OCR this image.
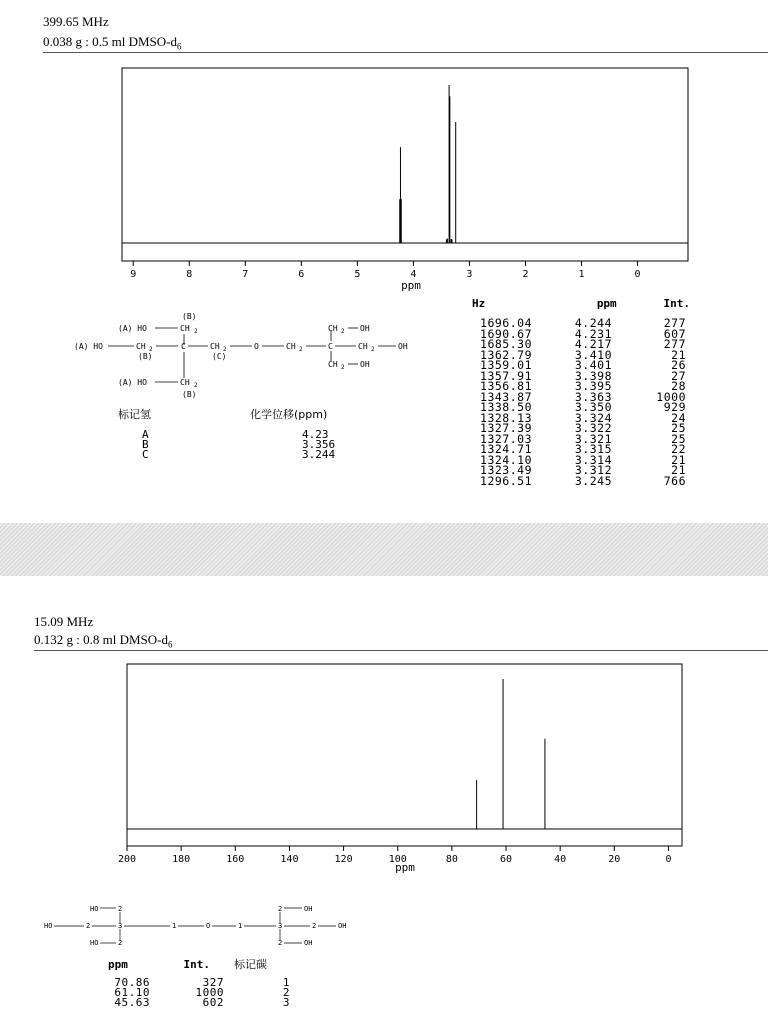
399.65 MHz
0.038 g : 0.5 ml DMSO-$d_6$
9	8	7	6	5	4	3	2	1	0
ppm
Hz	ppm	Int.
1696.04	4.244	277
1690.67	4.231	607
1685.30	4.217	277
1362.79	3.410	21
1359.01	3.401	26
1357.91	3.398	27
1356.81	3.395	28
1343.87	3.363	1000
1338.50	3.350	929
1328.13	3.324	24
1327.39	3.322	25
1327.03	3.321	25
1324.71	3.315	22
1324.10	3.314	21
1323.49	3.312	21
1296.51	3.245	766
(B)
(A) HO	CH 2
(A) HO	CH 2	C	CH 2	O	CH 2	C	CH 2	OH
CH 2 OH
CH 2 OH
(B)	(C)
(A) HO	CH 2
(B)
标记氢	化学位移(ppm)
A	4.23
B	3.356
C	3.244
15.09 MHz
0.132 g : 0.8 ml DMSO-$d_6$
200	180	160	140	120	100	80	60	40	20	0
ppm
HO	2	2	OH
HO	2	3	1	O	1	3	2	OH
HO	2	2	OH
ppm	Int.	标记碳
70.86	327	1
61.10	1000	2
45.63	602	3
